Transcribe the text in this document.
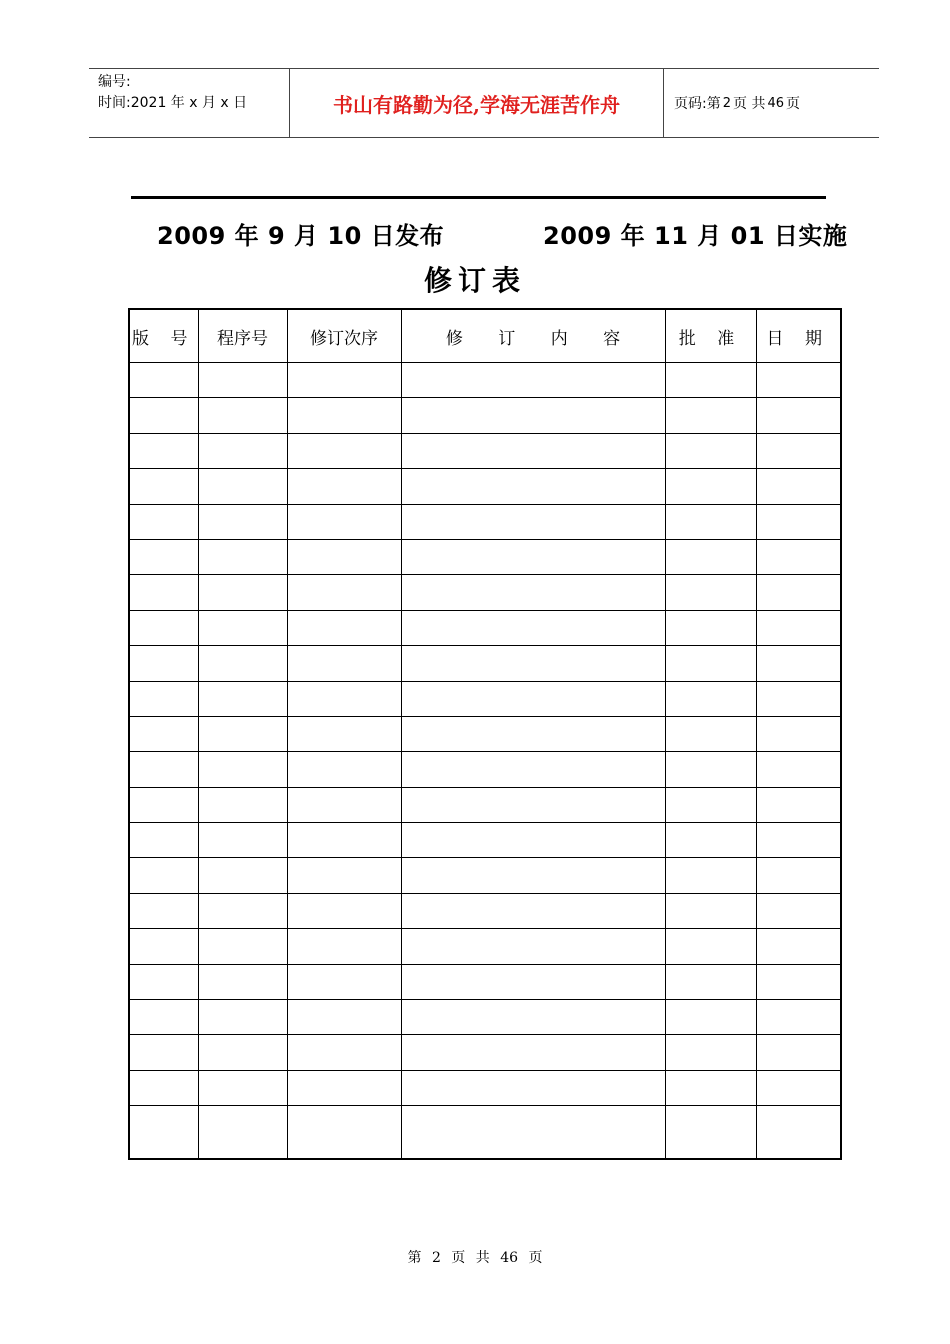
编号:
时间:2021 年 x 月 x 日	书山有路勤为径,学海无涯苦作舟	页码:第 2 页 共 46 页
2009 年 9 月 10 日发布	2009 年 11 月 01 日实施
修订表
版 号	程序号	修订次序	修 订 内 容	批 准	日 期

第 2 页 共 46 页
